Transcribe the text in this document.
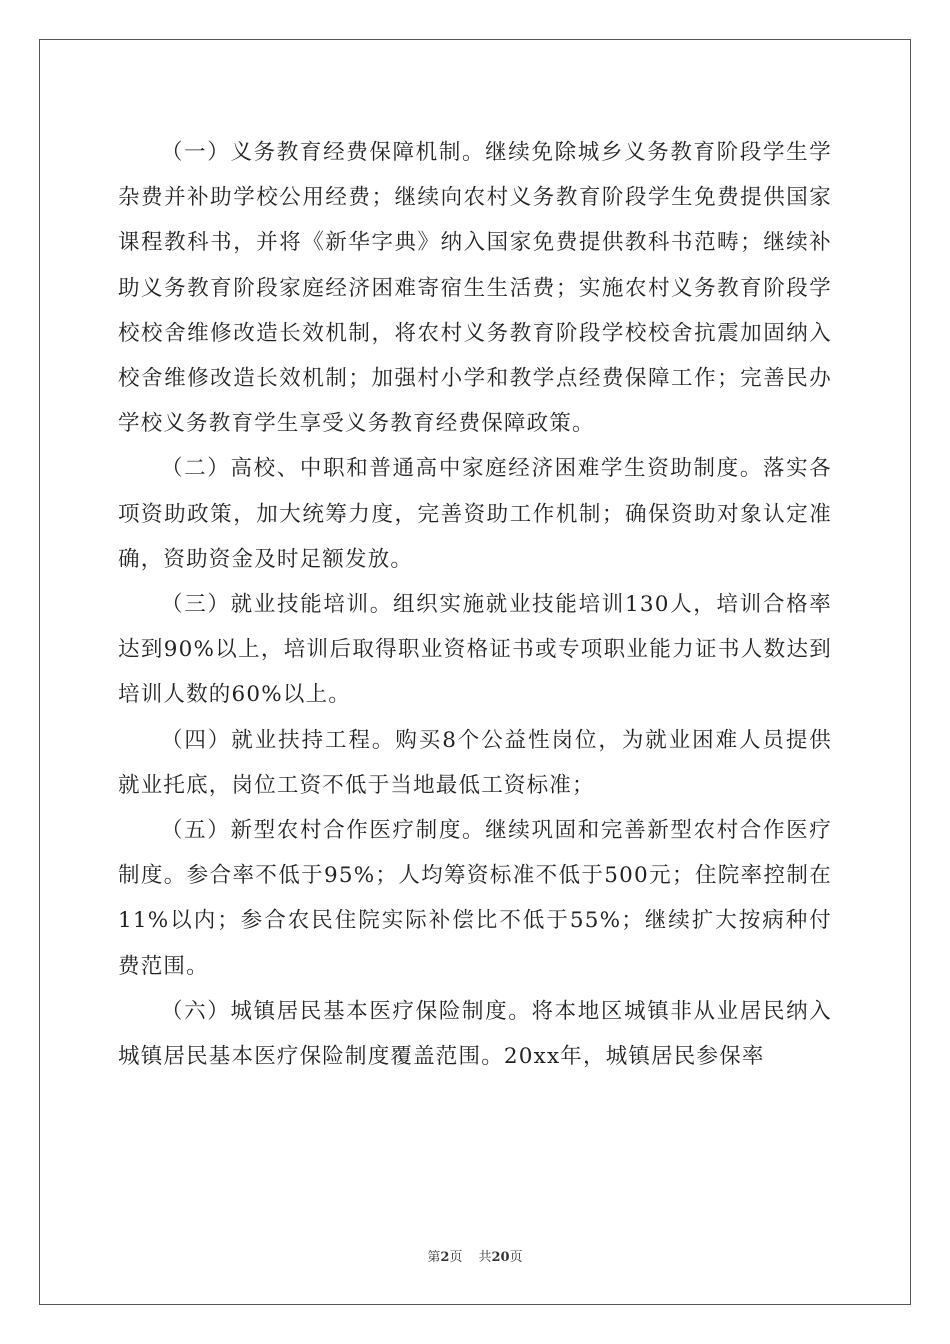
（一）义务教育经费保障机制。继续免除城乡义务教育阶段学生学杂费并补助学校公用经费；继续向农村义务教育阶段学生免费提供国家课程教科书，并将《新华字典》纳入国家免费提供教科书范畴；继续补助义务教育阶段家庭经济困难寄宿生生活费；实施农村义务教育阶段学校校舍维修改造长效机制，将农村义务教育阶段学校校舍抗震加固纳入校舍维修改造长效机制；加强村小学和教学点经费保障工作；完善民办学校义务教育学生享受义务教育经费保障政策。

（二）高校、中职和普通高中家庭经济困难学生资助制度。落实各项资助政策，加大统筹力度，完善资助工作机制；确保资助对象认定准确，资助资金及时足额发放。

（三）就业技能培训。组织实施就业技能培训130人，培训合格率达到90%以上，培训后取得职业资格证书或专项职业能力证书人数达到培训人数的60%以上。

（四）就业扶持工程。购买8个公益性岗位，为就业困难人员提供就业托底，岗位工资不低于当地最低工资标准；

（五）新型农村合作医疗制度。继续巩固和完善新型农村合作医疗制度。参合率不低于95%；人均筹资标准不低于500元；住院率控制在11%以内；参合农民住院实际补偿比不低于55%；继续扩大按病种付费范围。

（六）城镇居民基本医疗保险制度。将本地区城镇非从业居民纳入城镇居民基本医疗保险制度覆盖范围。20xx年，城镇居民参保率

第2页 共20页
